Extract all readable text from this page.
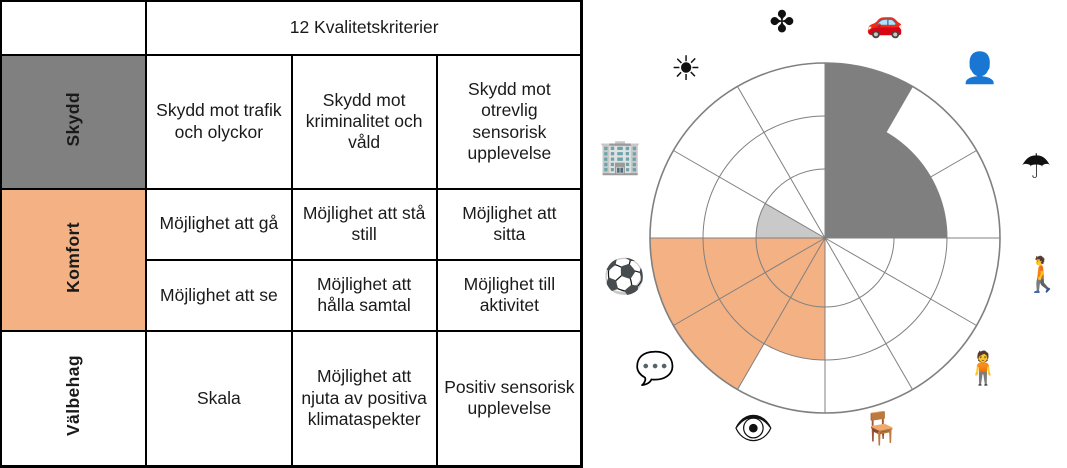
	12 Kvalitetskriterier		
Skydd	Skydd mot trafik och olyckor	Skydd mot kriminalitet och våld	Skydd mot otrevlig sensorisk upplevelse
Komfort	Möjlighet att gå	Möjlighet att stå still	Möjlighet att sitta
	Möjlighet att se	Möjlighet att hålla samtal	Möjlighet till aktivitet
Välbehag	Skala	Möjlighet att njuta av positiva klimataspekter	Positiv sensorisk upplevelse
✤ 🚗
☀	👤
🏢	☂
⚽	🚶
💬	🧍
👁	🪑
